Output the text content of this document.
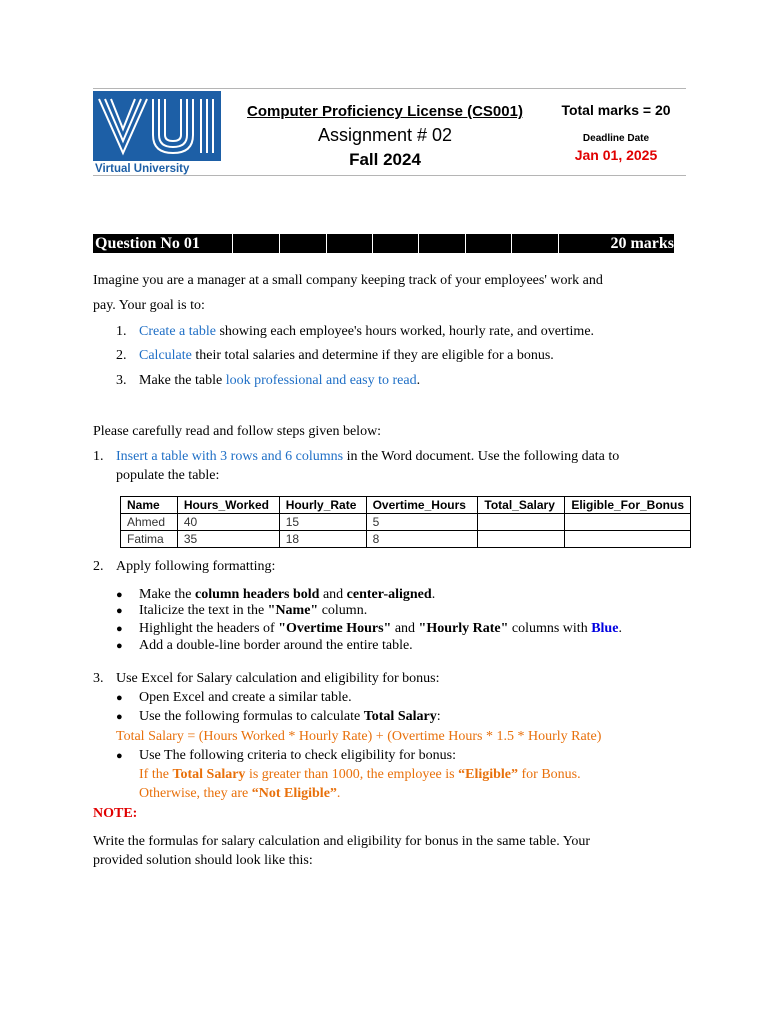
Virtual University
Computer Proficiency License (CS001)
Assignment # 02
Fall 2024
Total marks = 20
Deadline Date
Jan 01, 2025
Question No 01	20 marks
Imagine you are a manager at a small company keeping track of your employees' work and
pay. Your goal is to:
1. Create a table showing each employee's hours worked, hourly rate, and overtime.
2. Calculate their total salaries and determine if they are eligible for a bonus.
3. Make the table look professional and easy to read.
Please carefully read and follow steps given below:
1. Insert a table with 3 rows and 6 columns in the Word document. Use the following data to
populate the table:
Name	Hours_Worked	Hourly_Rate	Overtime_Hours	Total_Salary	Eligible_For_Bonus
Ahmed	40	15	5		
Fatima	35	18	8		
2. Apply following formatting:
● Make the column headers bold and center-aligned.
● Italicize the text in the "Name" column.
● Highlight the headers of "Overtime Hours" and "Hourly Rate" columns with Blue.
● Add a double-line border around the entire table.
3. Use Excel for Salary calculation and eligibility for bonus:
● Open Excel and create a similar table.
● Use the following formulas to calculate Total Salary:
Total Salary = (Hours Worked * Hourly Rate) + (Overtime Hours * 1.5 * Hourly Rate)
● Use The following criteria to check eligibility for bonus:
If the Total Salary is greater than 1000, the employee is “Eligible” for Bonus.
Otherwise, they are “Not Eligible”.
NOTE:
Write the formulas for salary calculation and eligibility for bonus in the same table. Your
provided solution should look like this:
